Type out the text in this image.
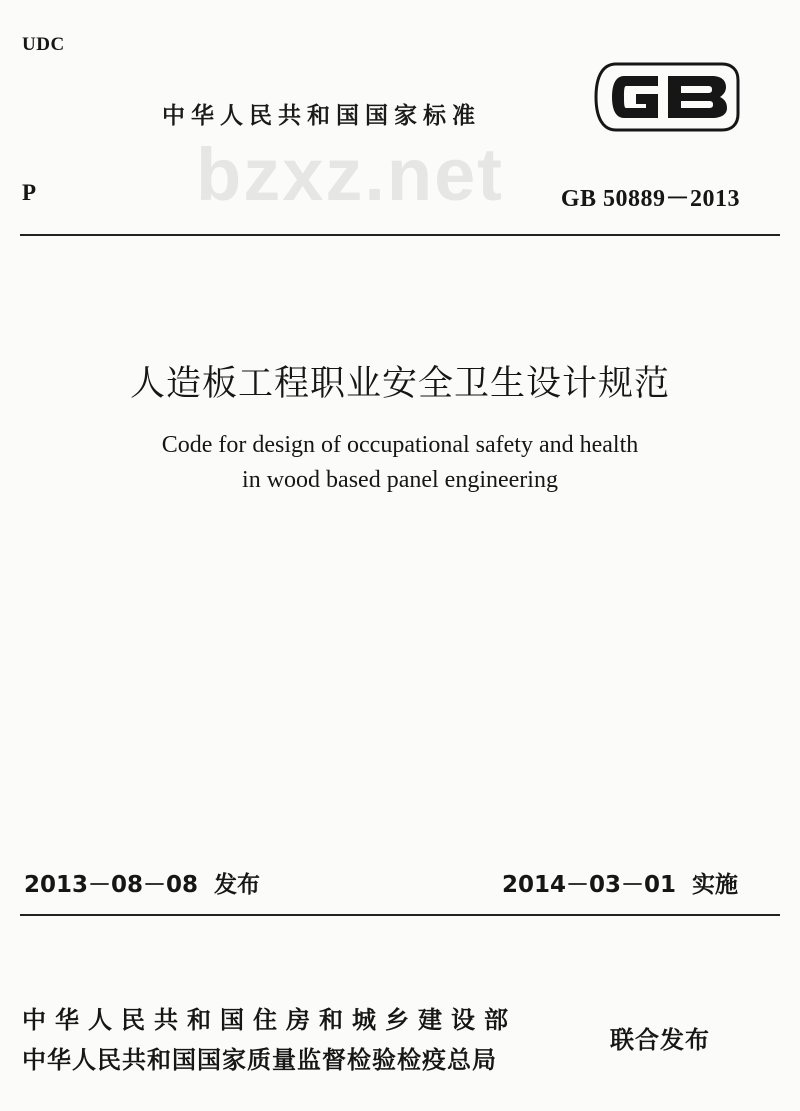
UDC
中华人民共和国国家标准
bzxz.net
P	GB 50889－2013
人造板工程职业安全卫生设计规范
Code for design of occupational safety and health
in wood based panel engineering
2013－08－08  发布	2014－03－01  实施
中华人民共和国住房和城乡建设部
中华人民共和国国家质量监督检验检疫总局
联合发布
